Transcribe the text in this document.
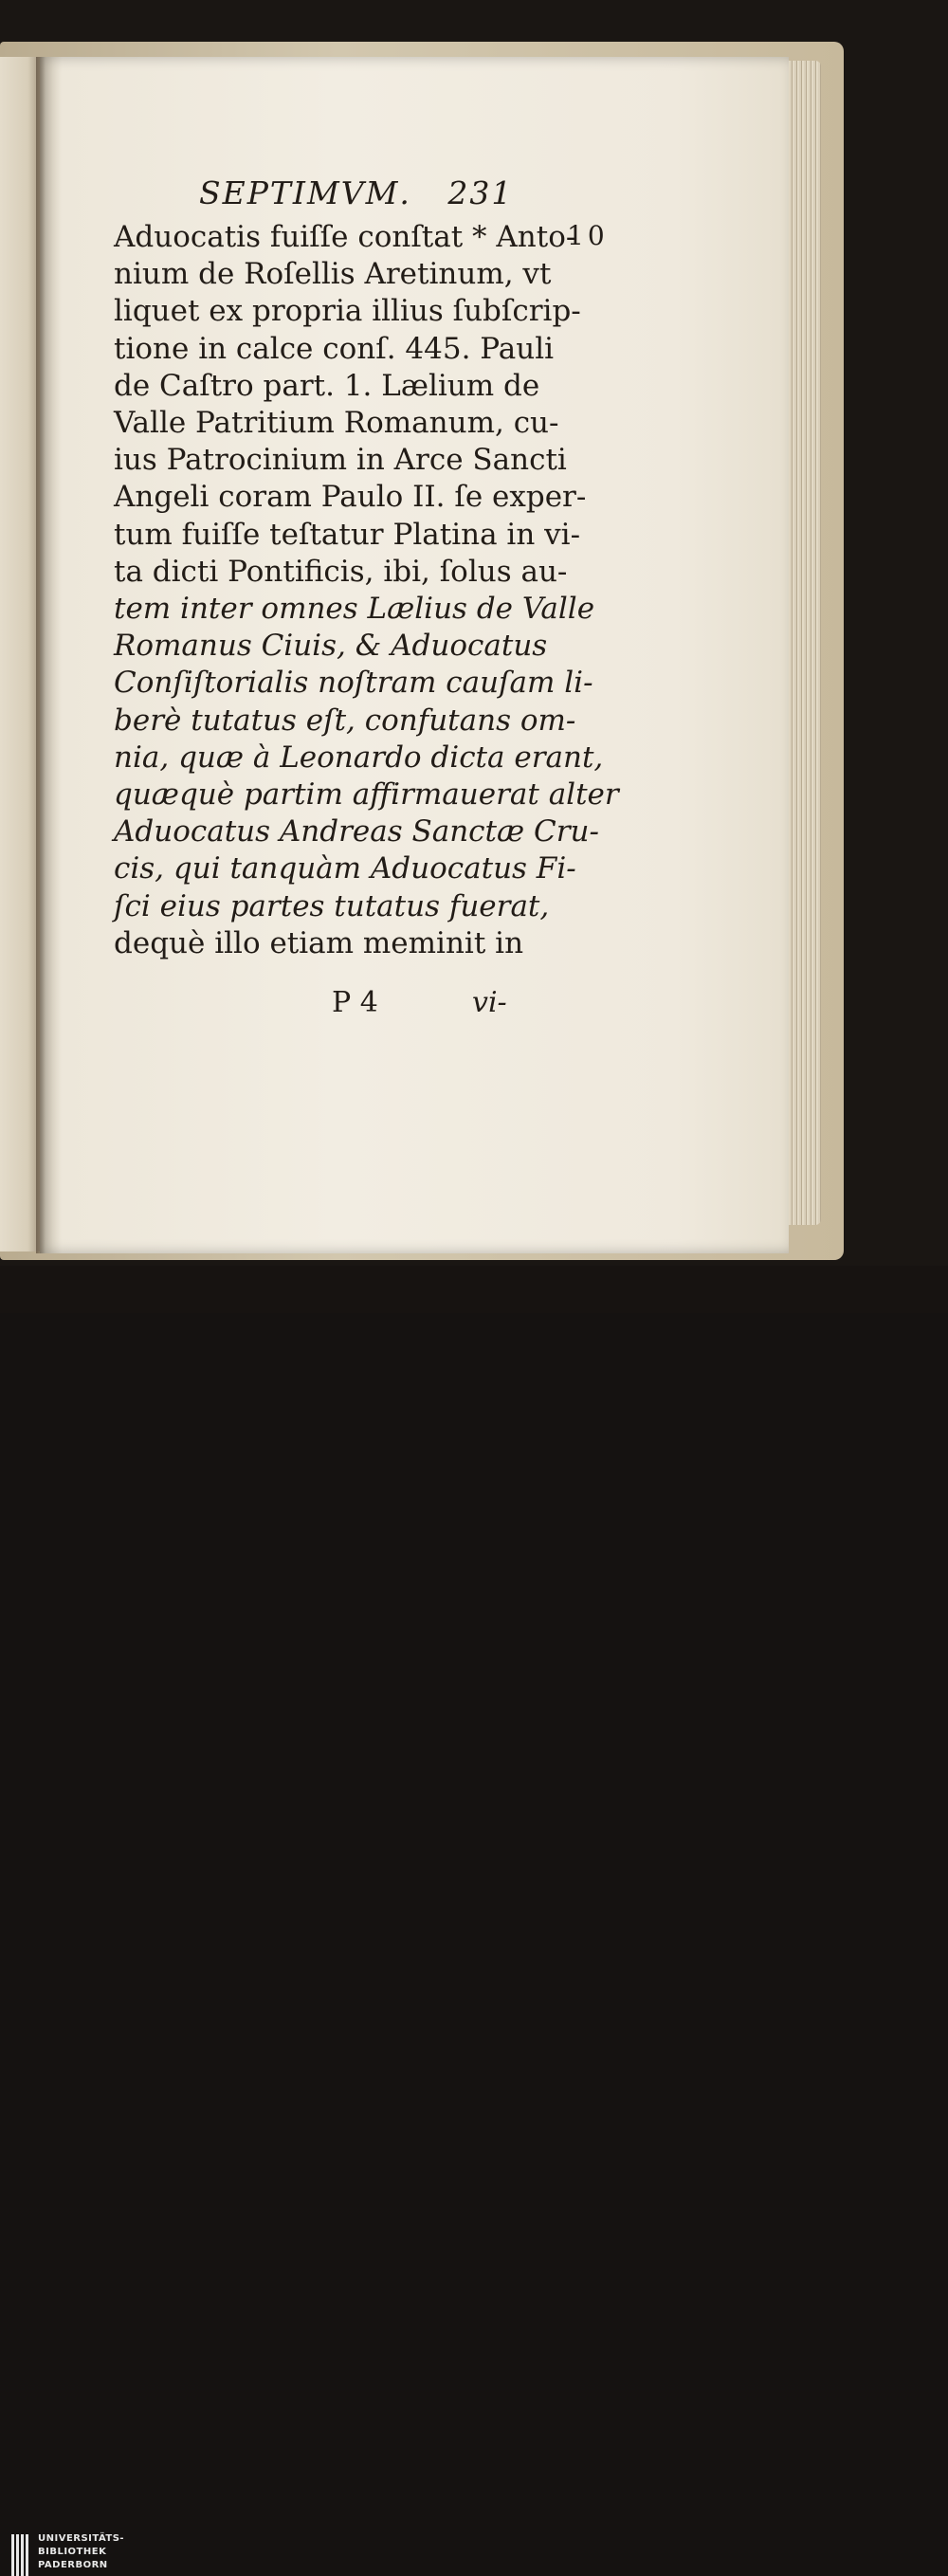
SEPTIMVM. 231
10
Aduocatis fuiſſe conſtat * Anto-
nium de Roſellis Aretinum, vt
liquet ex propria illius ſubſcrip-
tione in calce conſ. 445. Pauli
de Caſtro part. 1. Lælium de
Valle Patritium Romanum, cu-
ius Patrocinium in Arce Sancti
Angeli coram Paulo II. ſe exper-
tum fuiſſe teſtatur Platina in vi-
ta dicti Pontificis, ibi, ſolus au-
tem inter omnes Lælius de Valle
Romanus Ciuis, & Aduocatus
Conſiſtorialis noſtram cauſam li-
berè tutatus eſt, confutans om-
nia, quæ à Leonardo dicta erant,
quæquè partim affirmauerat alter
Aduocatus Andreas Sanctæ Cru-
cis, qui tanquàm Aduocatus Fi-
ſci eius partes tutatus fuerat,
dequè illo etiam meminit in
P 4	vi-
UNIVERSITÄTS-
BIBLIOTHEK
PADERBORN
